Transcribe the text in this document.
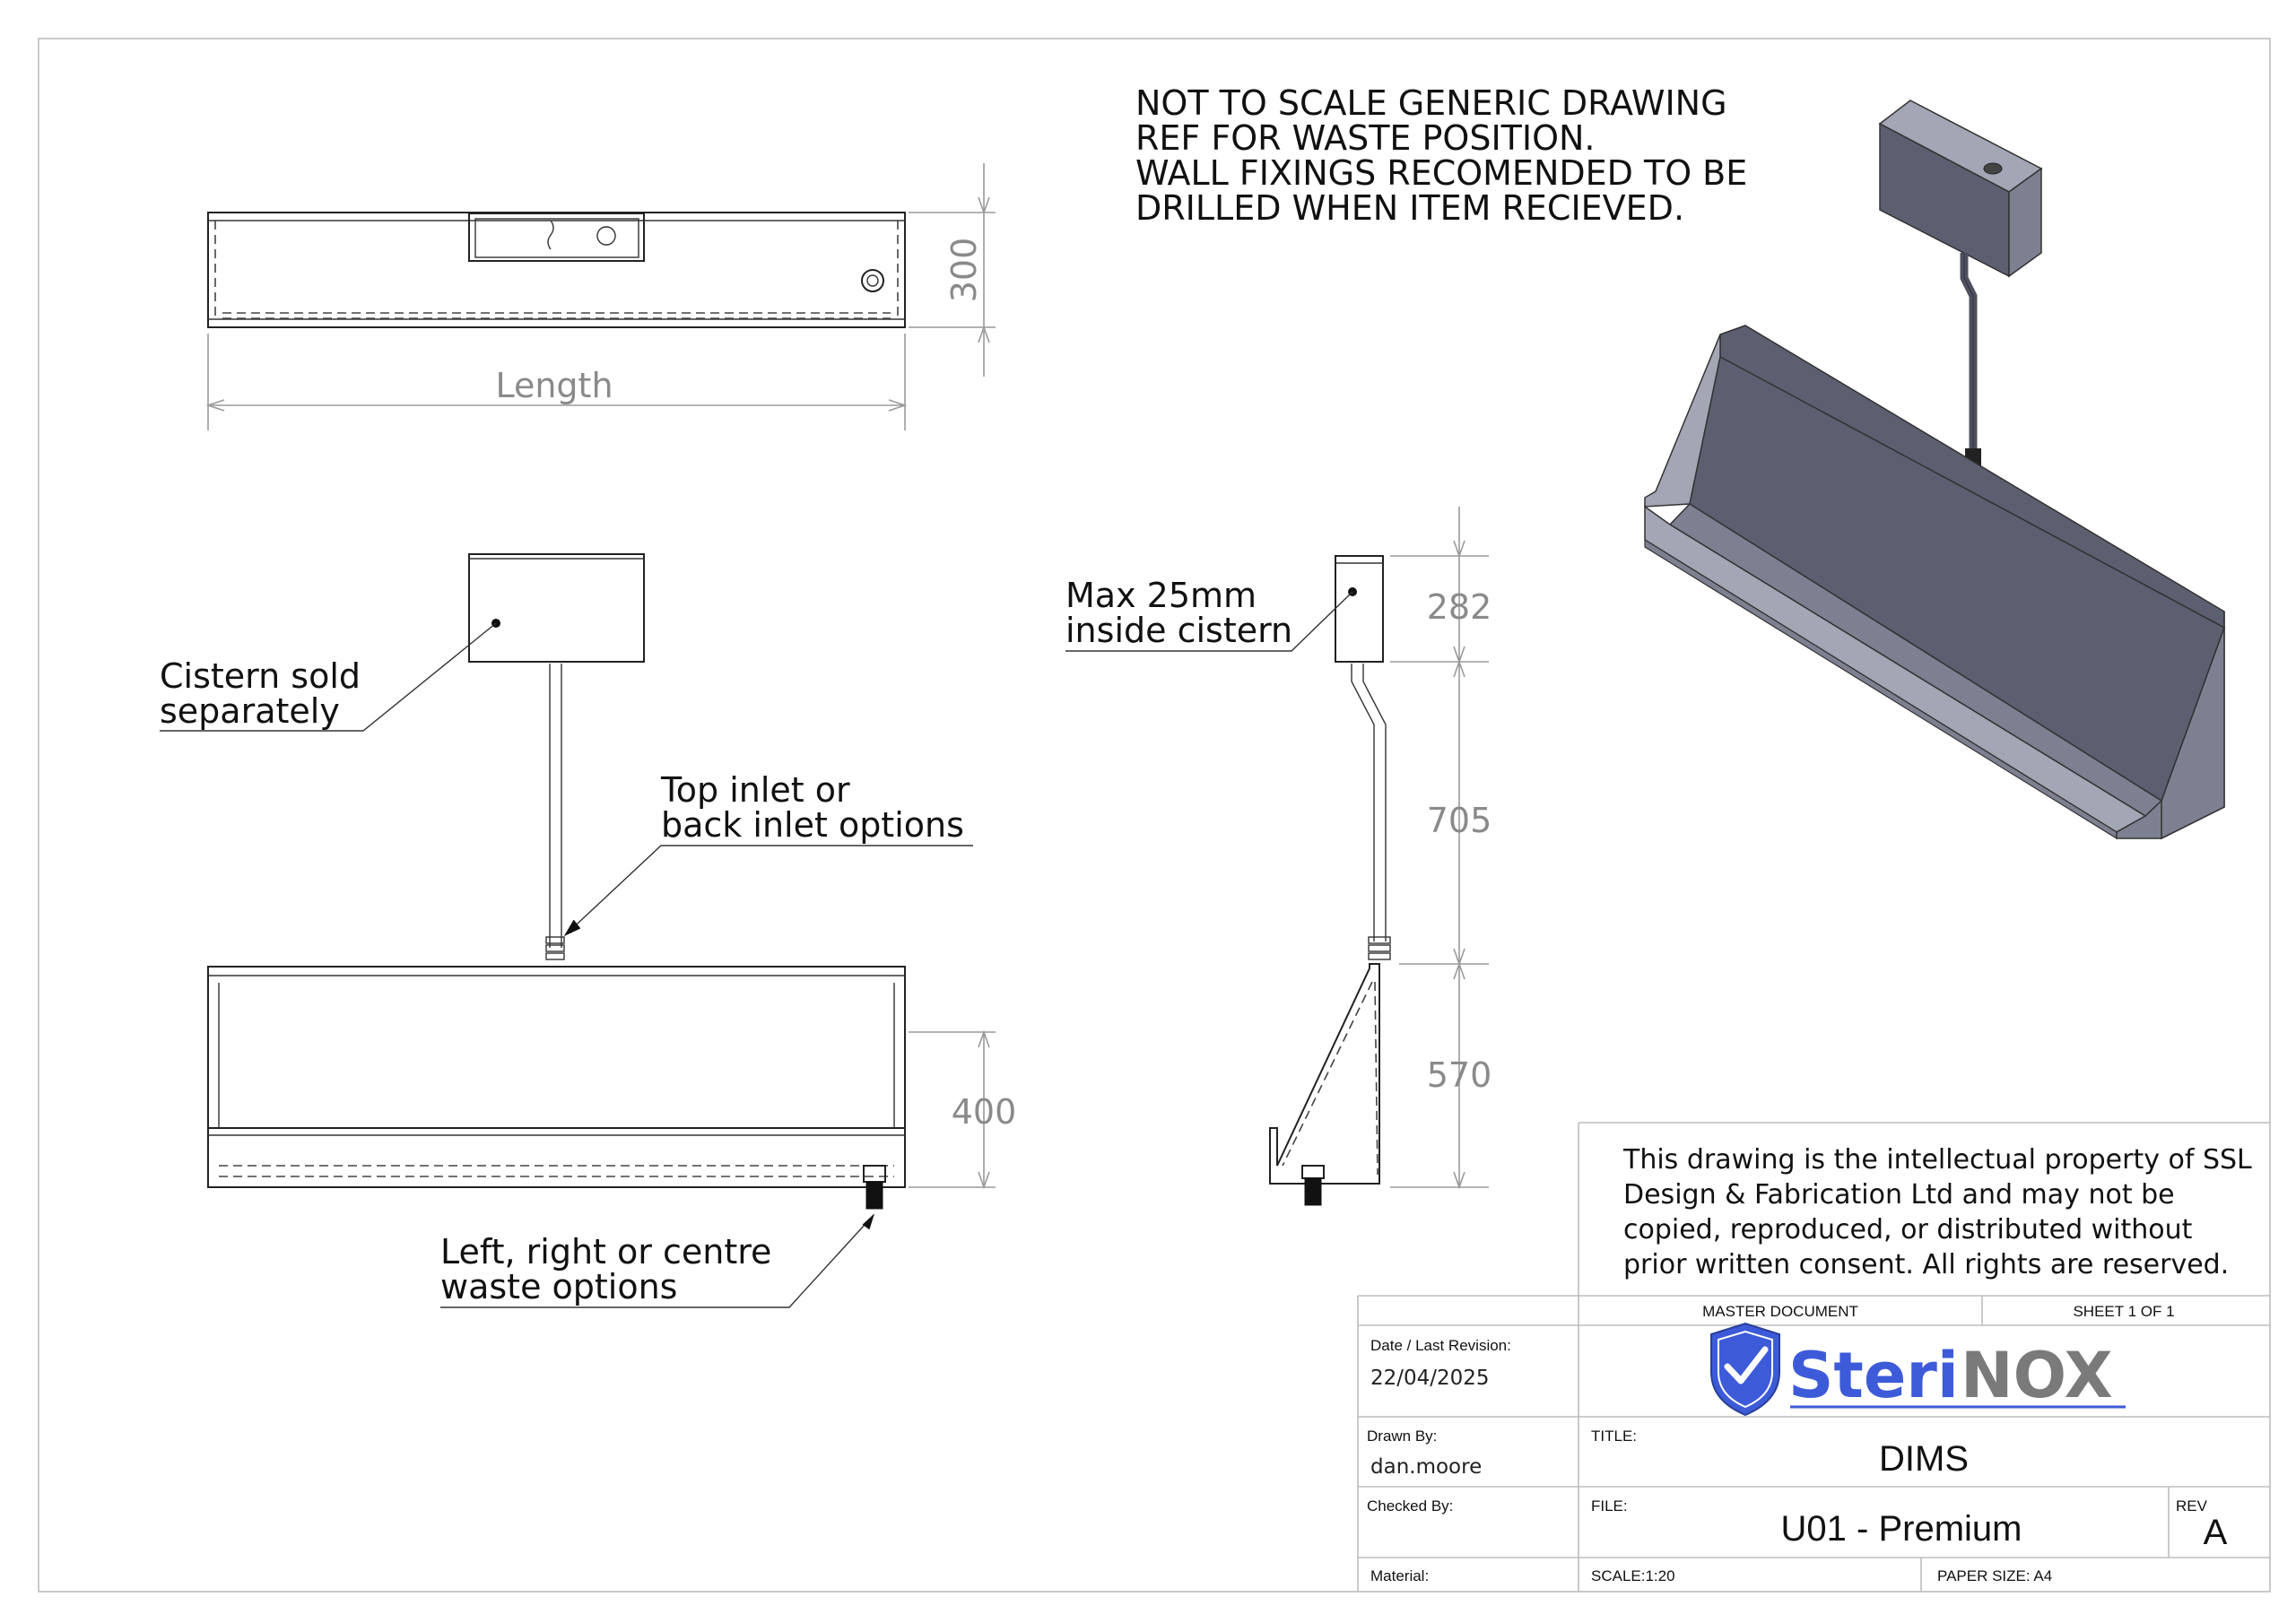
300
Length
400
Cistern sold
separately
Top inlet or
back inlet options
Left, right or centre
waste options
282
705
570
Max 25mm
inside cistern
NOT TO SCALE GENERIC DRAWING
REF FOR WASTE POSITION.
WALL FIXINGS RECOMENDED TO BE
DRILLED WHEN ITEM RECIEVED.
This drawing is the intellectual property of SSL
Design & Fabrication Ltd and may not be
copied, reproduced, or distributed without
prior written consent. All rights are reserved.
MASTER DOCUMENT	SHEET 1 OF 1
Date / Last Revision:
22/04/2025	Steri NOX
Drawn By:
dan.moore
TITLE:
DIMS
Checked By:	FILE:
U01 - Premium
REV
A
Material:	SCALE:1:20	PAPER SIZE: A4
